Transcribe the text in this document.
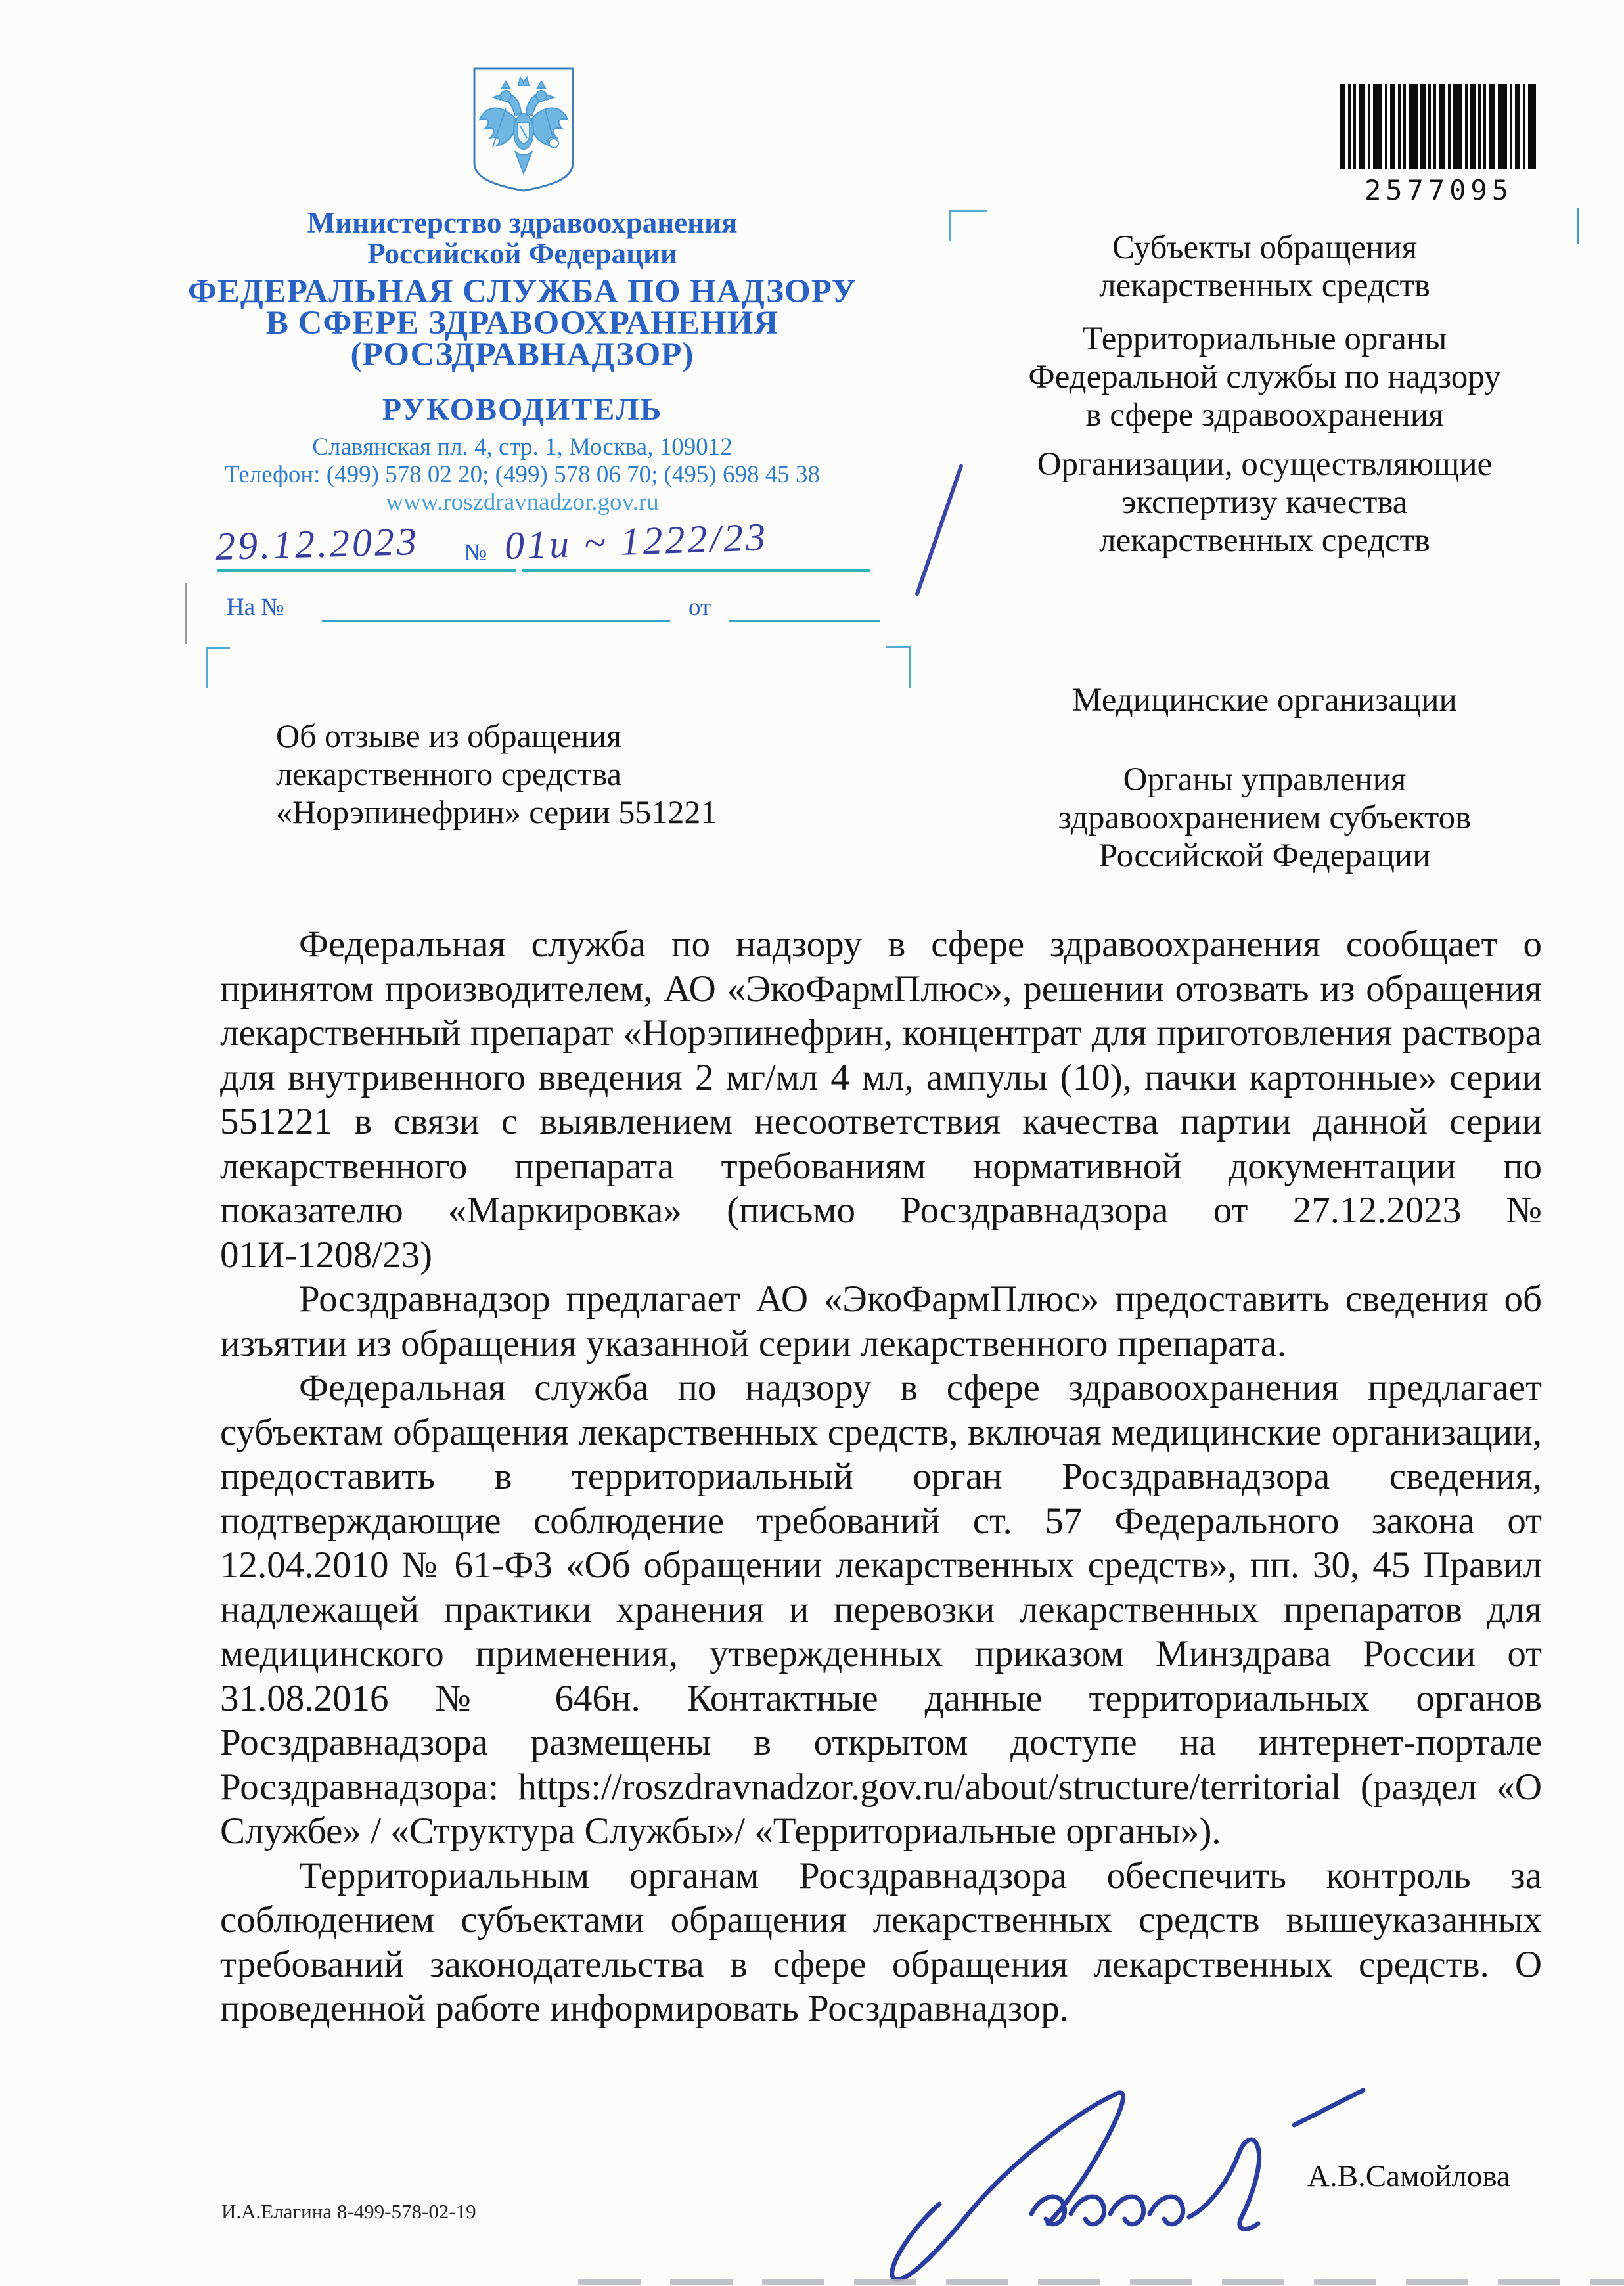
2577095
Министерство здравоохранения
Российской Федерации
ФЕДЕРАЛЬНАЯ СЛУЖБА ПО НАДЗОРУ
В СФЕРЕ ЗДРАВООХРАНЕНИЯ
(РОСЗДРАВНАДЗОР)
РУКОВОДИТЕЛЬ
Славянская пл. 4, стр. 1, Москва, 109012
Телефон: (499) 578 02 20; (499) 578 06 70; (495) 698 45 38
www.roszdravnadzor.gov.ru
29.12.2023 № 01и ~ 1222/23
На №	от
Субъекты обращения
лекарственных средств
Территориальные органы
Федеральной службы по надзору
в сфере здравоохранения
Организации, осуществляющие
экспертизу качества
лекарственных средств
Медицинские организации
Органы управления
здравоохранением субъектов
Российской Федерации
Об отзыве из обращения
лекарственного средства
«Норэпинефрин» серии 551221

Федеральная служба по надзору в сфере здравоохранения сообщает о принятом производителем, АО «ЭкоФармПлюс», решении отозвать из обращения лекарственный препарат «Норэпинефрин, концентрат для приготовления раствора для внутривенного введения 2 мг/мл 4 мл, ампулы (10), пачки картонные» серии 551221 в связи с выявлением несоответствия качества партии данной серии лекарственного препарата требованиям нормативной документации по показателю «Маркировка» (письмо Росздравнадзора от 27.12.2023 № 01И-1208/23)

Росздравнадзор предлагает АО «ЭкоФармПлюс» предоставить сведения об изъятии из обращения указанной серии лекарственного препарата.

Федеральная служба по надзору в сфере здравоохранения предлагает субъектам обращения лекарственных средств, включая медицинские организации, предоставить в территориальный орган Росздравнадзора сведения, подтверждающие соблюдение требований ст. 57 Федерального закона от 12.04.2010 № 61-ФЗ «Об обращении лекарственных средств», пп. 30, 45 Правил надлежащей практики хранения и перевозки лекарственных препаратов для медицинского применения, утвержденных приказом Минздрава России от 31.08.2016 № 646н. Контактные данные территориальных органов Росздравнадзора размещены в открытом доступе на интернет-портале Росздравнадзора: https://roszdravnadzor.gov.ru/about/structure/territorial (раздел «О Службе» / «Структура Службы»/ «Территориальные органы»).

Территориальным органам Росздравнадзора обеспечить контроль за соблюдением субъектами обращения лекарственных средств вышеуказанных требований законодательства в сфере обращения лекарственных средств. О проведенной работе информировать Росздравнадзор.

А.В.Самойлова
И.А.Елагина 8-499-578-02-19
